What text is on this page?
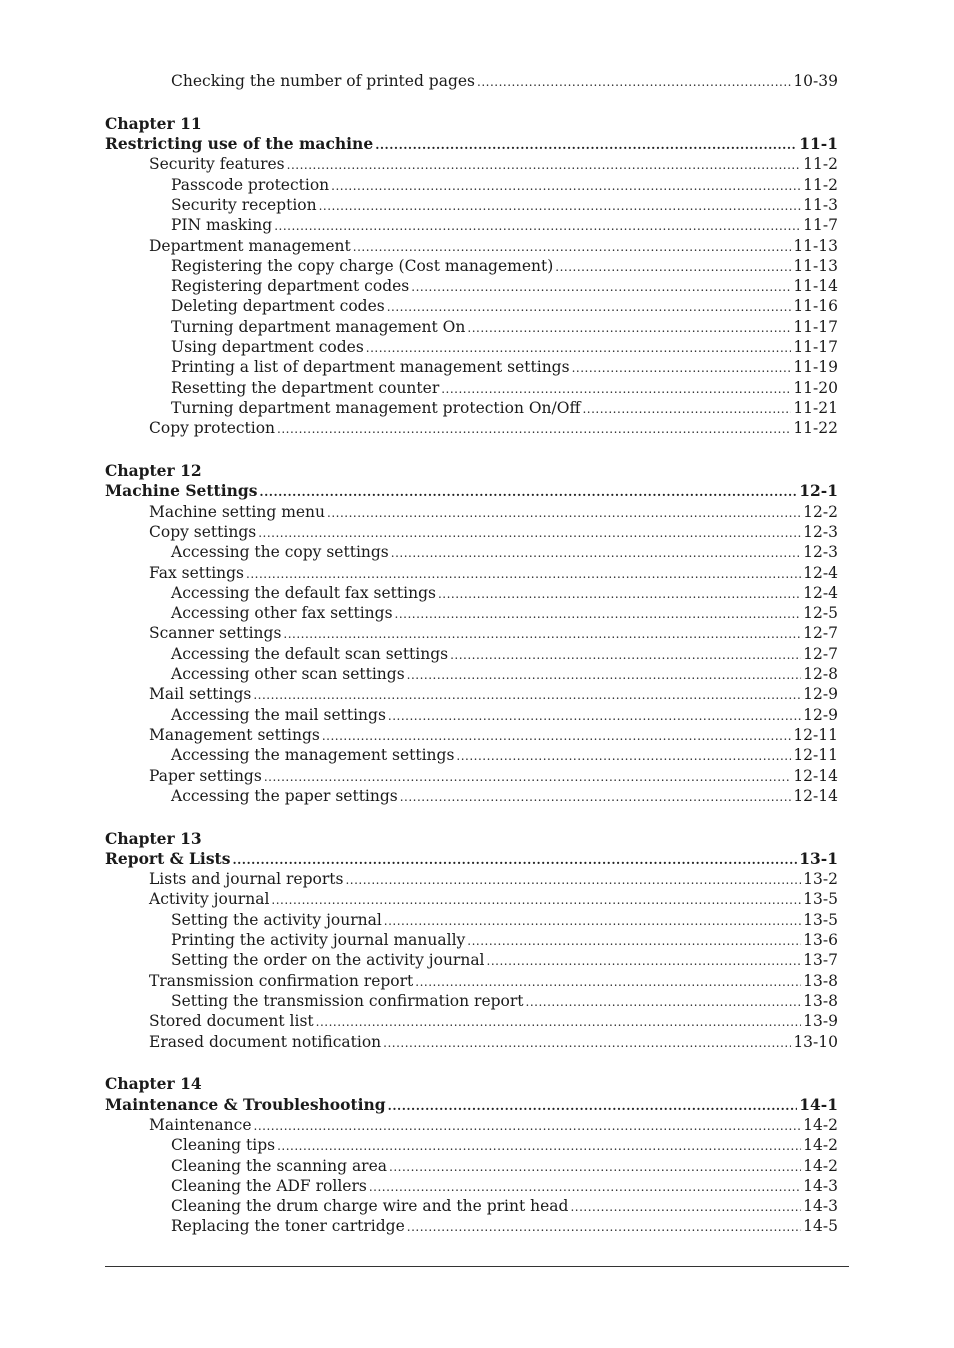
Checking the number of printed pages .....	10-39
Chapter 11
Restricting use of the machine .....	11-1
Security features .....	11-2
Passcode protection .....	11-2
Security reception .....	11-3
PIN masking .....	11-7
Department management .....	11-13
Registering the copy charge (Cost management) .....	11-13
Registering department codes .....	11-14
Deleting department codes .....	11-16
Turning department management On .....	11-17
Using department codes .....	11-17
Printing a list of department management settings .....	11-19
Resetting the department counter .....	11-20
Turning department management protection On/Off .....	11-21
Copy protection .....	11-22
Chapter 12
Machine Settings .....	12-1
Machine setting menu .....	12-2
Copy settings .....	12-3
Accessing the copy settings .....	12-3
Fax settings .....	12-4
Accessing the default fax settings .....	12-4
Accessing other fax settings .....	12-5
Scanner settings .....	12-7
Accessing the default scan settings .....	12-7
Accessing other scan settings .....	12-8
Mail settings .....	12-9
Accessing the mail settings .....	12-9
Management settings .....	12-11
Accessing the management settings .....	12-11
Paper settings .....	12-14
Accessing the paper settings .....	12-14
Chapter 13
Report & Lists .....	13-1
Lists and journal reports .....	13-2
Activity journal .....	13-5
Setting the activity journal .....	13-5
Printing the activity journal manually .....	13-6
Setting the order on the activity journal .....	13-7
Transmission confirmation report .....	13-8
Setting the transmission confirmation report .....	13-8
Stored document list .....	13-9
Erased document notification .....	13-10
Chapter 14
Maintenance & Troubleshooting .....	14-1
Maintenance .....	14-2
Cleaning tips .....	14-2
Cleaning the scanning area .....	14-2
Cleaning the ADF rollers .....	14-3
Cleaning the drum charge wire and the print head .....	14-3
Replacing the toner cartridge .....	14-5
